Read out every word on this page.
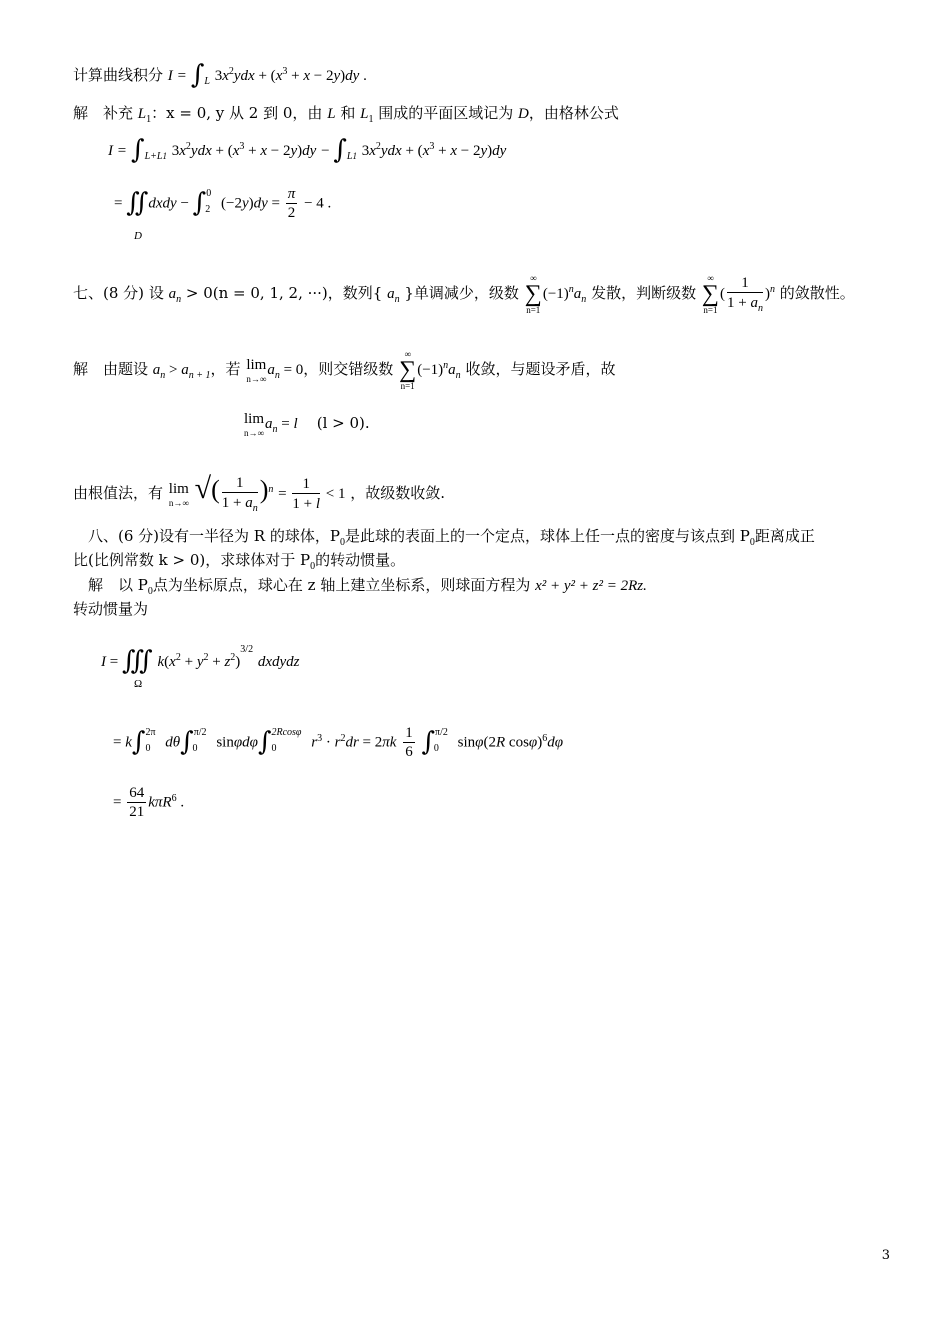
计算曲线积分 $I = \int_L$ $3x^2ydx + (x^3 + x - 2y)dy$ .
解　补充 $L_1$：x = 0, y 从 2 到 0，由 L 和 $L_1$ 围成的平面区域记为 D，由格林公式
$I = \int_{L+L1}$ $3x^2ydx + (x^3 + x - 2y)dy - \int_{L1}$ $3x^2ydx + (x^3 + x - 2y)dy$
= ∬dxdy − ∫$^0_2$ $(-2y)dy = \frac{\pi}{2} - 4$ .
D
七、(8 分) 设 $a_n > 0(n = 0$, 1, 2, ···)，数列{ $a_n$ }单调减少，级数
∞
∑
n=1
$(-1)^na_n$ 发散，判断级数
∞
∑
n=1
( $\frac{1}{1 + a_n} )^n$ 的敛散性。
解　由题设 $a_n > a_{n + 1}$，若 lim
n→∞
$a_n = 0$，则交错级数
∞
∑
n=1
$(-1)^na_n$ 收敛，与题设矛盾，故
lim
n→∞
$a_n = l$ (l > 0).
由根值法，有 lim
n→∞ √( $\frac{1}{1 + a_n} )^n = \frac{1}{1 + l} < 1$ ，故级数收敛.
八、(6 分)设有一半径为 R 的球体，$P_0$是此球的表面上的一个定点，球体上任一点的密度与该点到 $P_0$距离成正
比(比例常数 k > 0)，求球体对于 $P_0$的转动惯量。
解　以 $P_0$点为坐标原点，球心在 z 轴上建立坐标系，则球面方程为 x² + y² + z² = 2Rz.
转动惯量为
I = ∭ $k(x^2 + y^2 + z^2)^{3/2}$ dxdydz
Ω
= k∫$^{2\pi}_0$ dθ∫$^{\pi/2}_0$ sinφdφ∫$^{2Rcos\varphi}_0$ $r^3 \cdot r^2dr = 2\pi k \frac{1}{6} \int^{\pi/2}_0$ sinφ(2R cosφ)$^6$dφ
= $\frac{64}{21} k\pi R^6$ .
3
